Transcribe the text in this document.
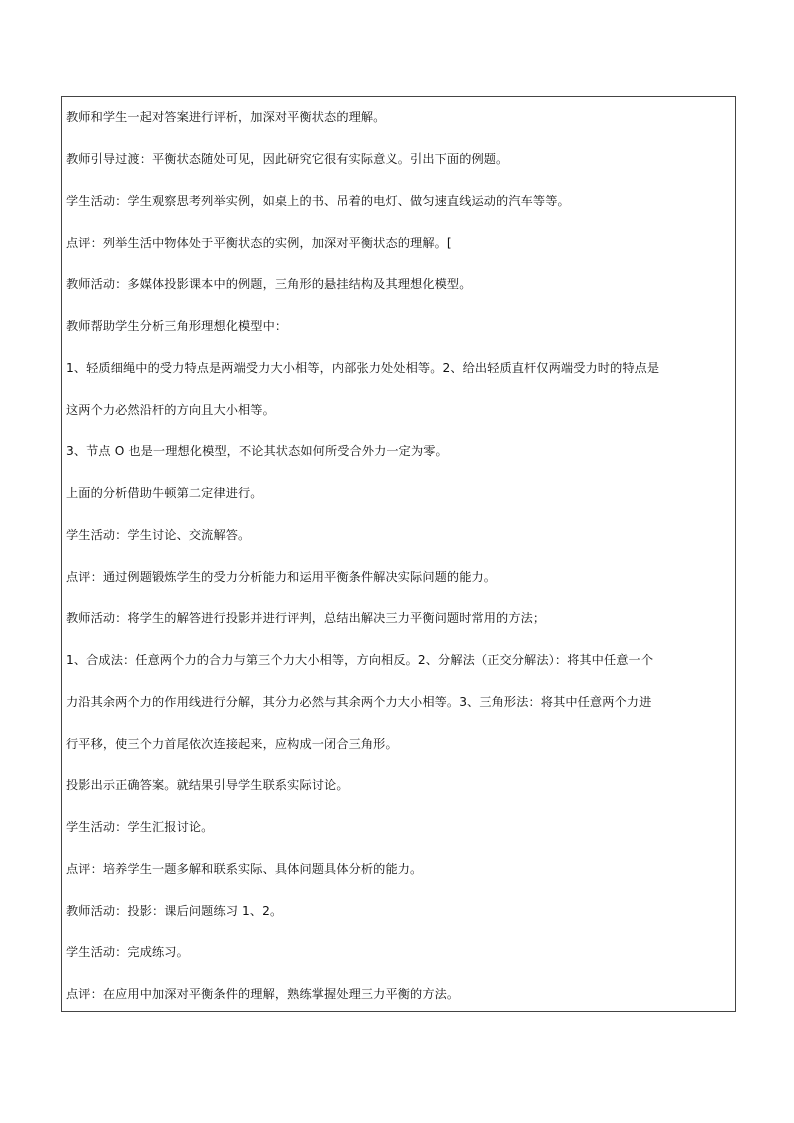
教师和学生一起对答案进行评析，加深对平衡状态的理解。
教师引导过渡：平衡状态随处可见，因此研究它很有实际意义。引出下面的例题。
学生活动：学生观察思考列举实例，如桌上的书、吊着的电灯、做匀速直线运动的汽车等等。
点评：列举生活中物体处于平衡状态的实例，加深对平衡状态的理解。[
教师活动：多媒体投影课本中的例题，三角形的悬挂结构及其理想化模型。
教师帮助学生分析三角形理想化模型中：
1、轻质细绳中的受力特点是两端受力大小相等，内部张力处处相等。2、给出轻质直杆仅两端受力时的特点是
这两个力必然沿杆的方向且大小相等。
3、节点 O 也是一理想化模型，不论其状态如何所受合外力一定为零。
上面的分析借助牛顿第二定律进行。
学生活动：学生讨论、交流解答。
点评：通过例题锻炼学生的受力分析能力和运用平衡条件解决实际问题的能力。
教师活动：将学生的解答进行投影并进行评判，总结出解决三力平衡问题时常用的方法；
1、合成法：任意两个力的合力与第三个力大小相等，方向相反。2、分解法（正交分解法）：将其中任意一个
力沿其余两个力的作用线进行分解，其分力必然与其余两个力大小相等。3、三角形法：将其中任意两个力进
行平移，使三个力首尾依次连接起来，应构成一闭合三角形。
投影出示正确答案。就结果引导学生联系实际讨论。
学生活动：学生汇报讨论。
点评：培养学生一题多解和联系实际、具体问题具体分析的能力。
教师活动：投影：课后问题练习 1、2。
学生活动：完成练习。
点评：在应用中加深对平衡条件的理解，熟练掌握处理三力平衡的方法。
